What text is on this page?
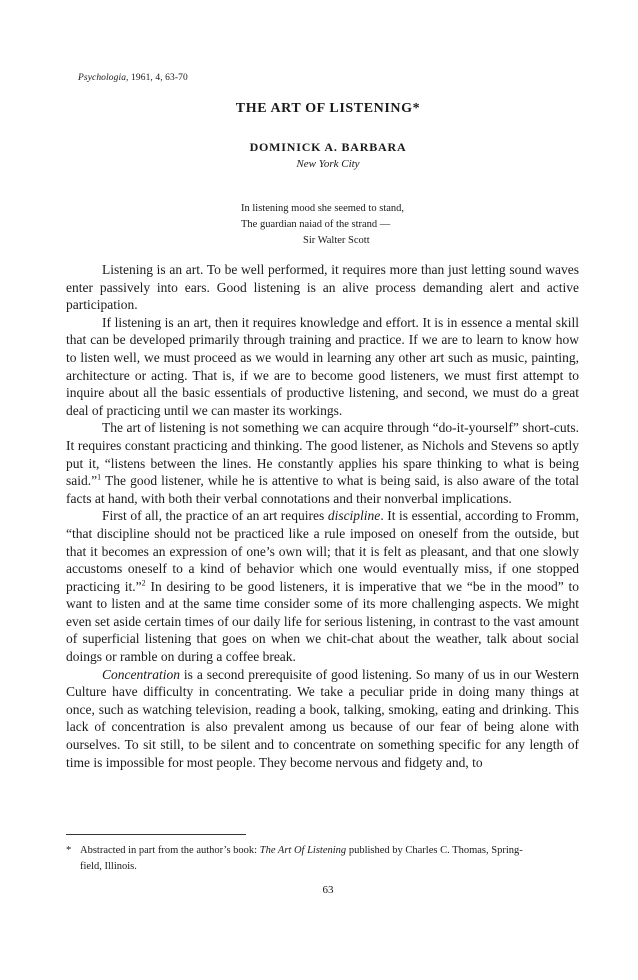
Psychologia, 1961, 4, 63-70
THE ART OF LISTENING*
DOMINICK A. BARBARA
New York City
In listening mood she seemed to stand,
The guardian naiad of the strand —
Sir Walter Scott

Listening is an art. To be well performed, it requires more than just letting sound waves enter passively into ears. Good listening is an alive process demanding alert and active participation.

If listening is an art, then it requires knowledge and effort. It is in essence a mental skill that can be developed primarily through training and practice. If we are to learn to know how to listen well, we must proceed as we would in learning any other art such as music, painting, architecture or acting. That is, if we are to become good listeners, we must first attempt to inquire about all the basic essentials of productive listening, and second, we must do a great deal of practicing until we can master its workings.

The art of listening is not something we can acquire through “do-it-yourself” short-cuts. It requires constant practicing and thinking. The good listener, as Nichols and Stevens so aptly put it, “listens between the lines. He constantly applies his spare thinking to what is being said.”$^1$ The good listener, while he is attentive to what is being said, is also aware of the total facts at hand, with both their verbal connotations and their nonverbal implications.

First of all, the practice of an art requires discipline. It is essential, according to Fromm, “that discipline should not be practiced like a rule imposed on oneself from the outside, but that it becomes an expression of one’s own will; that it is felt as pleasant, and that one slowly accustoms oneself to a kind of behavior which one would eventually miss, if one stopped practicing it.”$^2$ In desiring to be good listeners, it is imperative that we “be in the mood” to want to listen and at the same time consider some of its more challenging aspects. We might even set aside certain times of our daily life for serious listening, in contrast to the vast amount of superficial listening that goes on when we chit-chat about the weather, talk about social doings or ramble on during a coffee break.

Concentration is a second prerequisite of good listening. So many of us in our Western Culture have difficulty in concentrating. We take a peculiar pride in doing many things at once, such as watching television, reading a book, talking, smoking, eating and drinking. This lack of concentration is also prevalent among us because of our fear of being alone with ourselves. To sit still, to be silent and to concentrate on something specific for any length of time is impossible for most people. They become nervous and fidgety and, to

* Abstracted in part from the author’s book: The Art Of Listening published by Charles C. Thomas, Spring-
field, Illinois.
63
